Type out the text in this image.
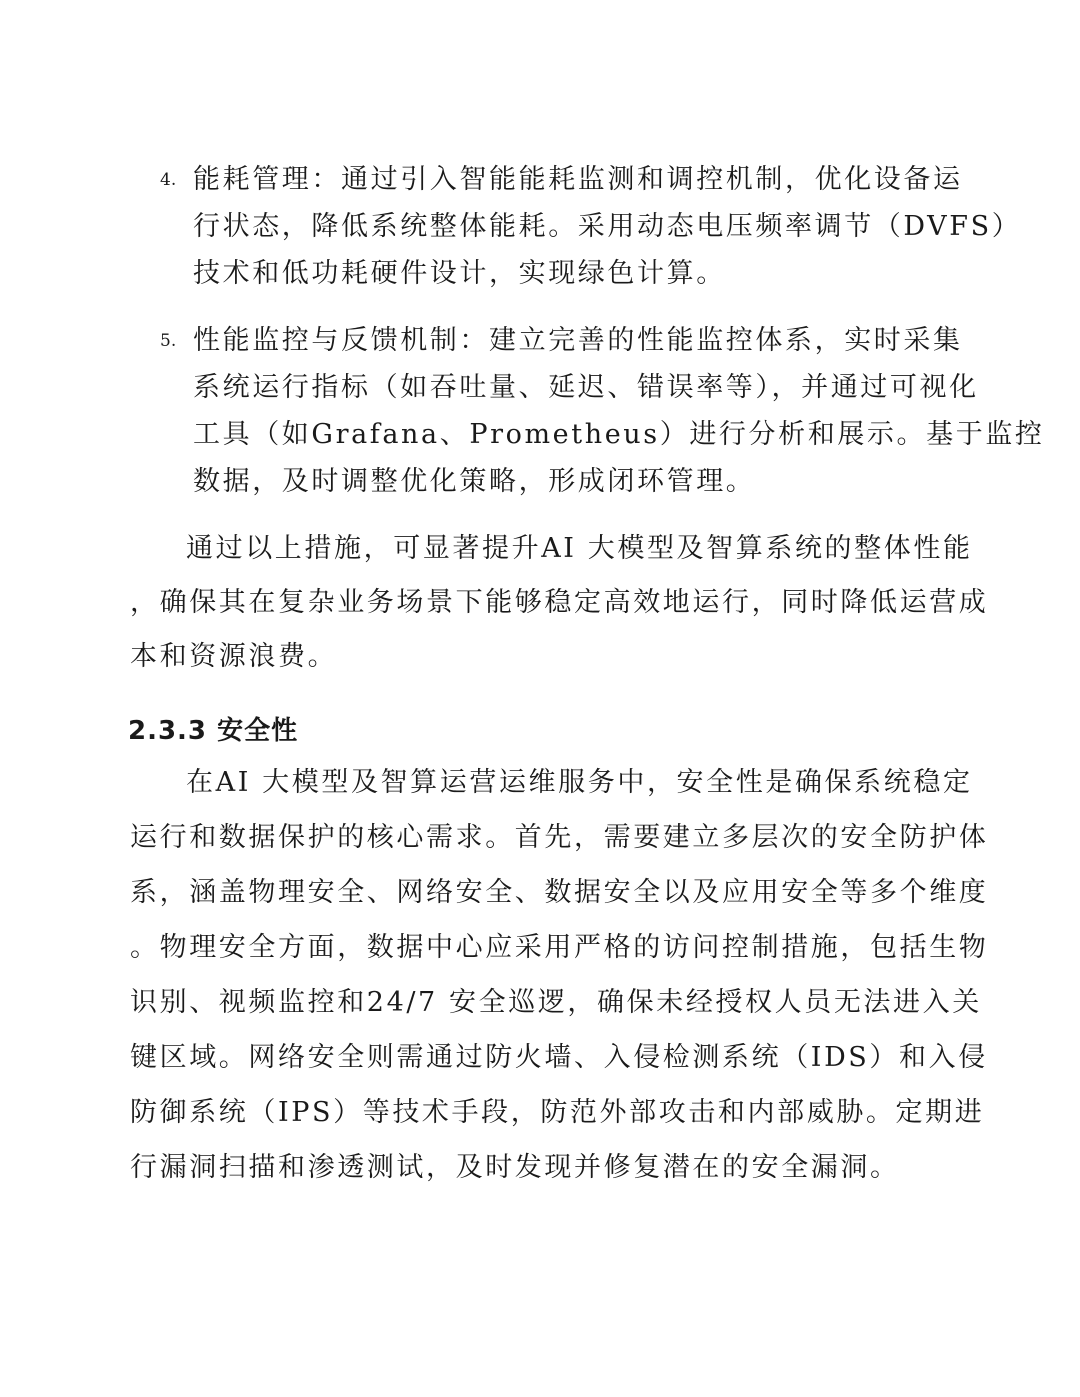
4. 能耗管理：通过引入智能能耗监测和调控机制，优化设备运
行状态，降低系统整体能耗。采用动态电压频率调节（DVFS）
技术和低功耗硬件设计，实现绿色计算。
5. 性能监控与反馈机制：建立完善的性能监控体系，实时采集
系统运行指标（如吞吐量、延迟、错误率等），并通过可视化
工具（如Grafana、Prometheus）进行分析和展示。基于监控
数据，及时调整优化策略，形成闭环管理。
通过以上措施，可显著提升AI 大模型及智算系统的整体性能
，确保其在复杂业务场景下能够稳定高效地运行，同时降低运营成
本和资源浪费。
2.3.3 安全性
在AI 大模型及智算运营运维服务中，安全性是确保系统稳定
运行和数据保护的核心需求。首先，需要建立多层次的安全防护体
系，涵盖物理安全、网络安全、数据安全以及应用安全等多个维度
。物理安全方面，数据中心应采用严格的访问控制措施，包括生物
识别、视频监控和24/7 安全巡逻，确保未经授权人员无法进入关
键区域。网络安全则需通过防火墙、入侵检测系统（IDS）和入侵
防御系统（IPS）等技术手段，防范外部攻击和内部威胁。定期进
行漏洞扫描和渗透测试，及时发现并修复潜在的安全漏洞。
